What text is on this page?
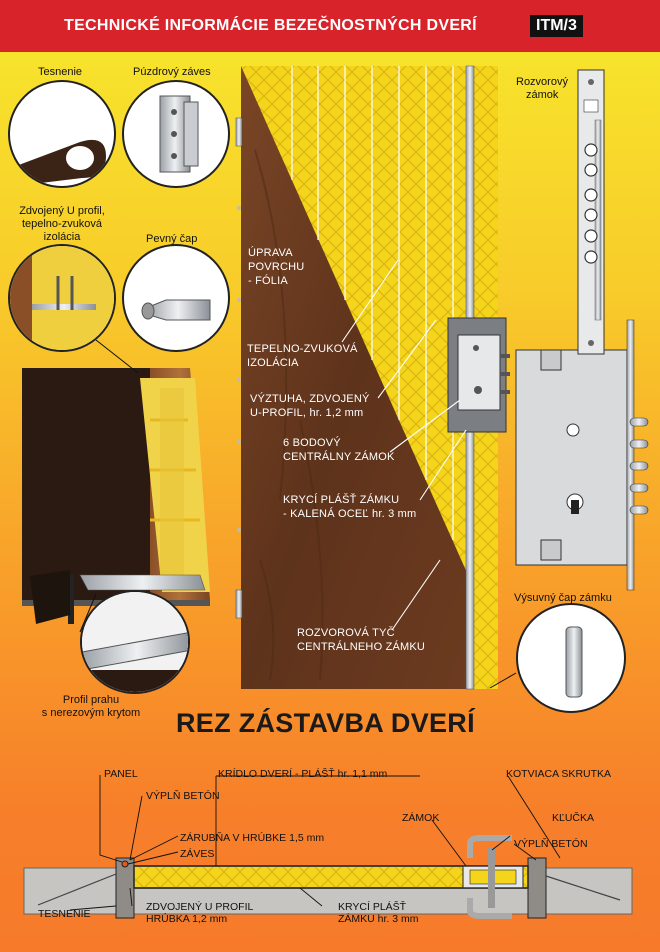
TECHNICKÉ INFORMÁCIE BEZEČNOSTNÝCH DVERÍ	ITM/3
Tesnenie	Púzdrový záves
Zdvojený U profil,
tepelno-zvuková
izolácia	Pevný čap
Rozvorový
zámok
Výsuvný čap zámku
Profil prahu
s nerezovým krytom
ÚPRAVA
POVRCHU
- FÓLIA
TEPELNO-ZVUKOVÁ
IZOLÁCIA
VÝZTUHA, ZDVOJENÝ
U-PROFIL, hr. 1,2 mm
6 BODOVÝ
CENTRÁLNY ZÁMOK
KRYCÍ PLÁŠŤ ZÁMKU
- KALENÁ OCEĽ hr. 3 mm
ROZVOROVÁ TYČ
CENTRÁLNEHO ZÁMKU
REZ ZÁSTAVBA DVERÍ
PANEL	KRÍDLO DVERÍ - PLÁŠŤ hr. 1,1 mm	KOTVIACA SKRUTKA
VÝPLŇ BETÓN
ZÁMOK	KĽUČKA
VÝPLŇ BETÓN
ZÁRUBŇA V HRÚBKE 1,5 mm
ZÁVES
TESNENIE
ZDVOJENÝ U PROFIL
HRÚBKA 1,2 mm
KRYCÍ PLÁŠŤ
ZÁMKU hr. 3 mm
